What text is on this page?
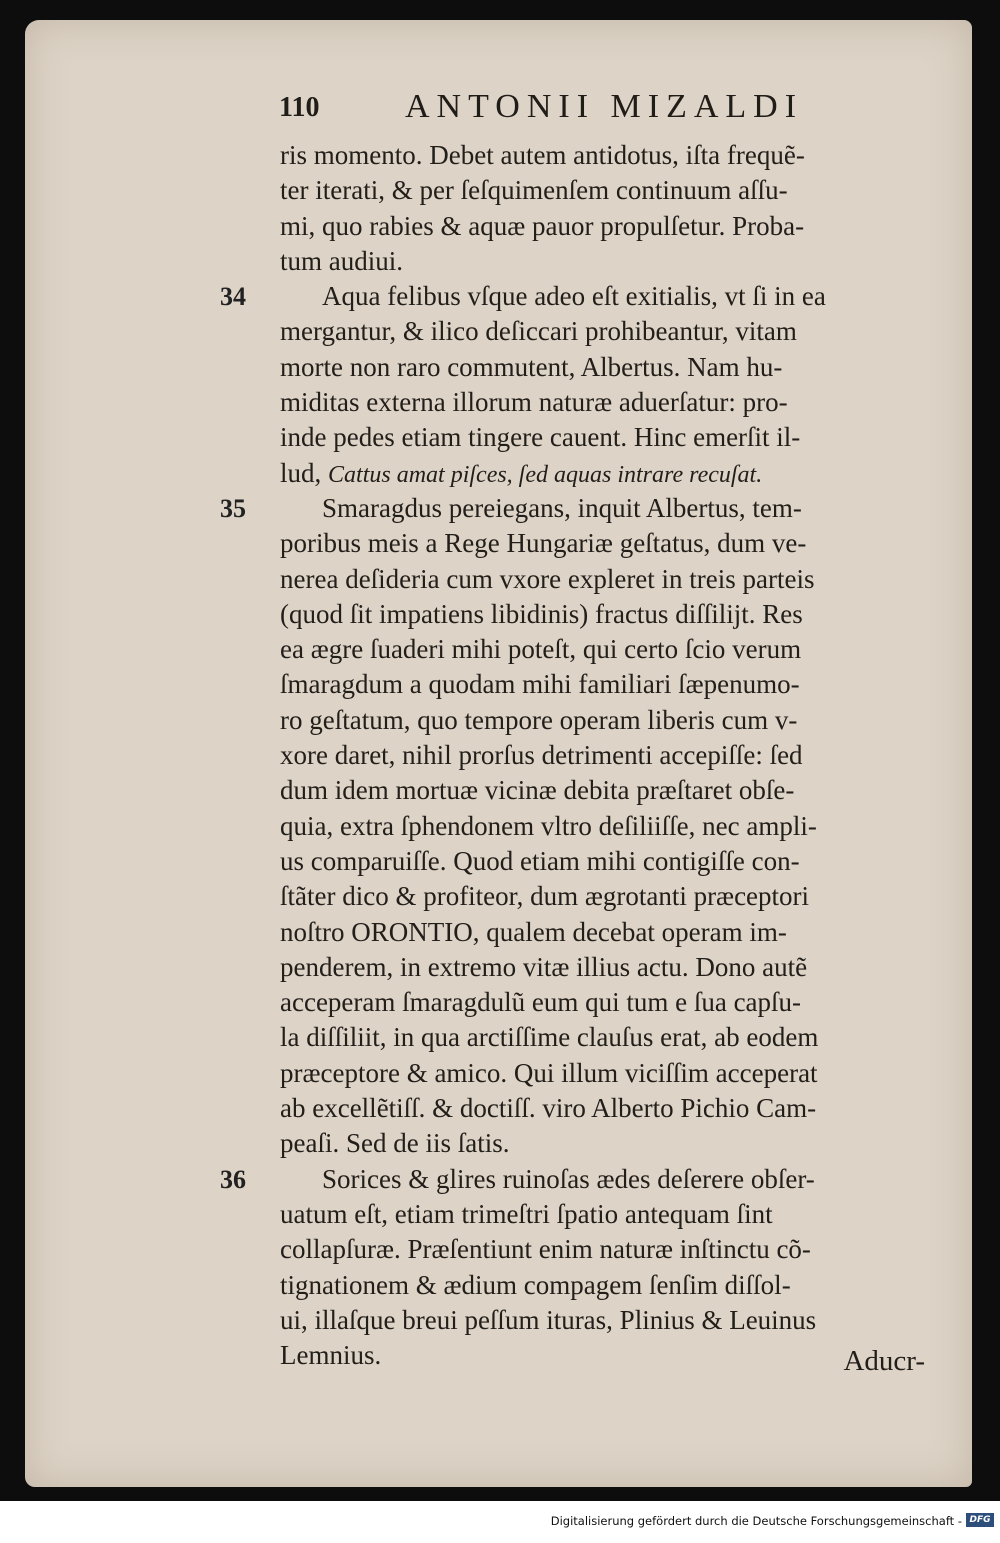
110	ANTONII MIZALDI
ris momento. Debet autem antidotus, iſta frequẽ-
ter iterati, & per ſeſquimenſem continuum aſſu-
mi, quo rabies & aquæ pauor propulſetur. Proba-
tum audiui.
34	Aqua felibus vſque adeo eſt exitialis, vt ſi in ea
mergantur, & ilico deſiccari prohibeantur, vitam
morte non raro commutent, Albertus. Nam hu-
miditas externa illorum naturæ aduerſatur: pro-
inde pedes etiam tingere cauent. Hinc emerſit il-
lud, Cattus amat piſces, ſed aquas intrare recuſat.
35	Smaragdus pereiegans, inquit Albertus, tem-
poribus meis a Rege Hungariæ geſtatus, dum ve-
nerea deſideria cum vxore expleret in treis parteis
(quod ſit impatiens libidinis) fractus diſſilijt. Res
ea ægre ſuaderi mihi poteſt, qui certo ſcio verum
ſmaragdum a quodam mihi familiari ſæpenumo-
ro geſtatum, quo tempore operam liberis cum v-
xore daret, nihil prorſus detrimenti accepiſſe: ſed
dum idem mortuæ vicinæ debita præſtaret obſe-
quia, extra ſphendonem vltro deſiliiſſe, nec ampli-
us comparuiſſe. Quod etiam mihi contigiſſe con-
ſtãter dico & profiteor, dum ægrotanti præceptori
noſtro ORONTIO, qualem decebat operam im-
penderem, in extremo vitæ illius actu. Dono autẽ
acceperam ſmaragdulũ eum qui tum e ſua capſu-
la diſſiliit, in qua arctiſſime clauſus erat, ab eodem
præceptore & amico. Qui illum viciſſim acceperat
ab excellẽtiſſ. & doctiſſ. viro Alberto Pichio Cam-
peaſi. Sed de iis ſatis.
36	Sorices & glires ruinoſas ædes deſerere obſer-
uatum eſt, etiam trimeſtri ſpatio antequam ſint
collapſuræ. Præſentiunt enim naturæ inſtinctu cõ-
tignationem & ædium compagem ſenſim diſſol-
ui, illaſque breui peſſum ituras, Plinius & Leuinus
Lemnius.	Aducr-
Digitalisierung gefördert durch die Deutsche Forschungsgemeinschaft - DFG
